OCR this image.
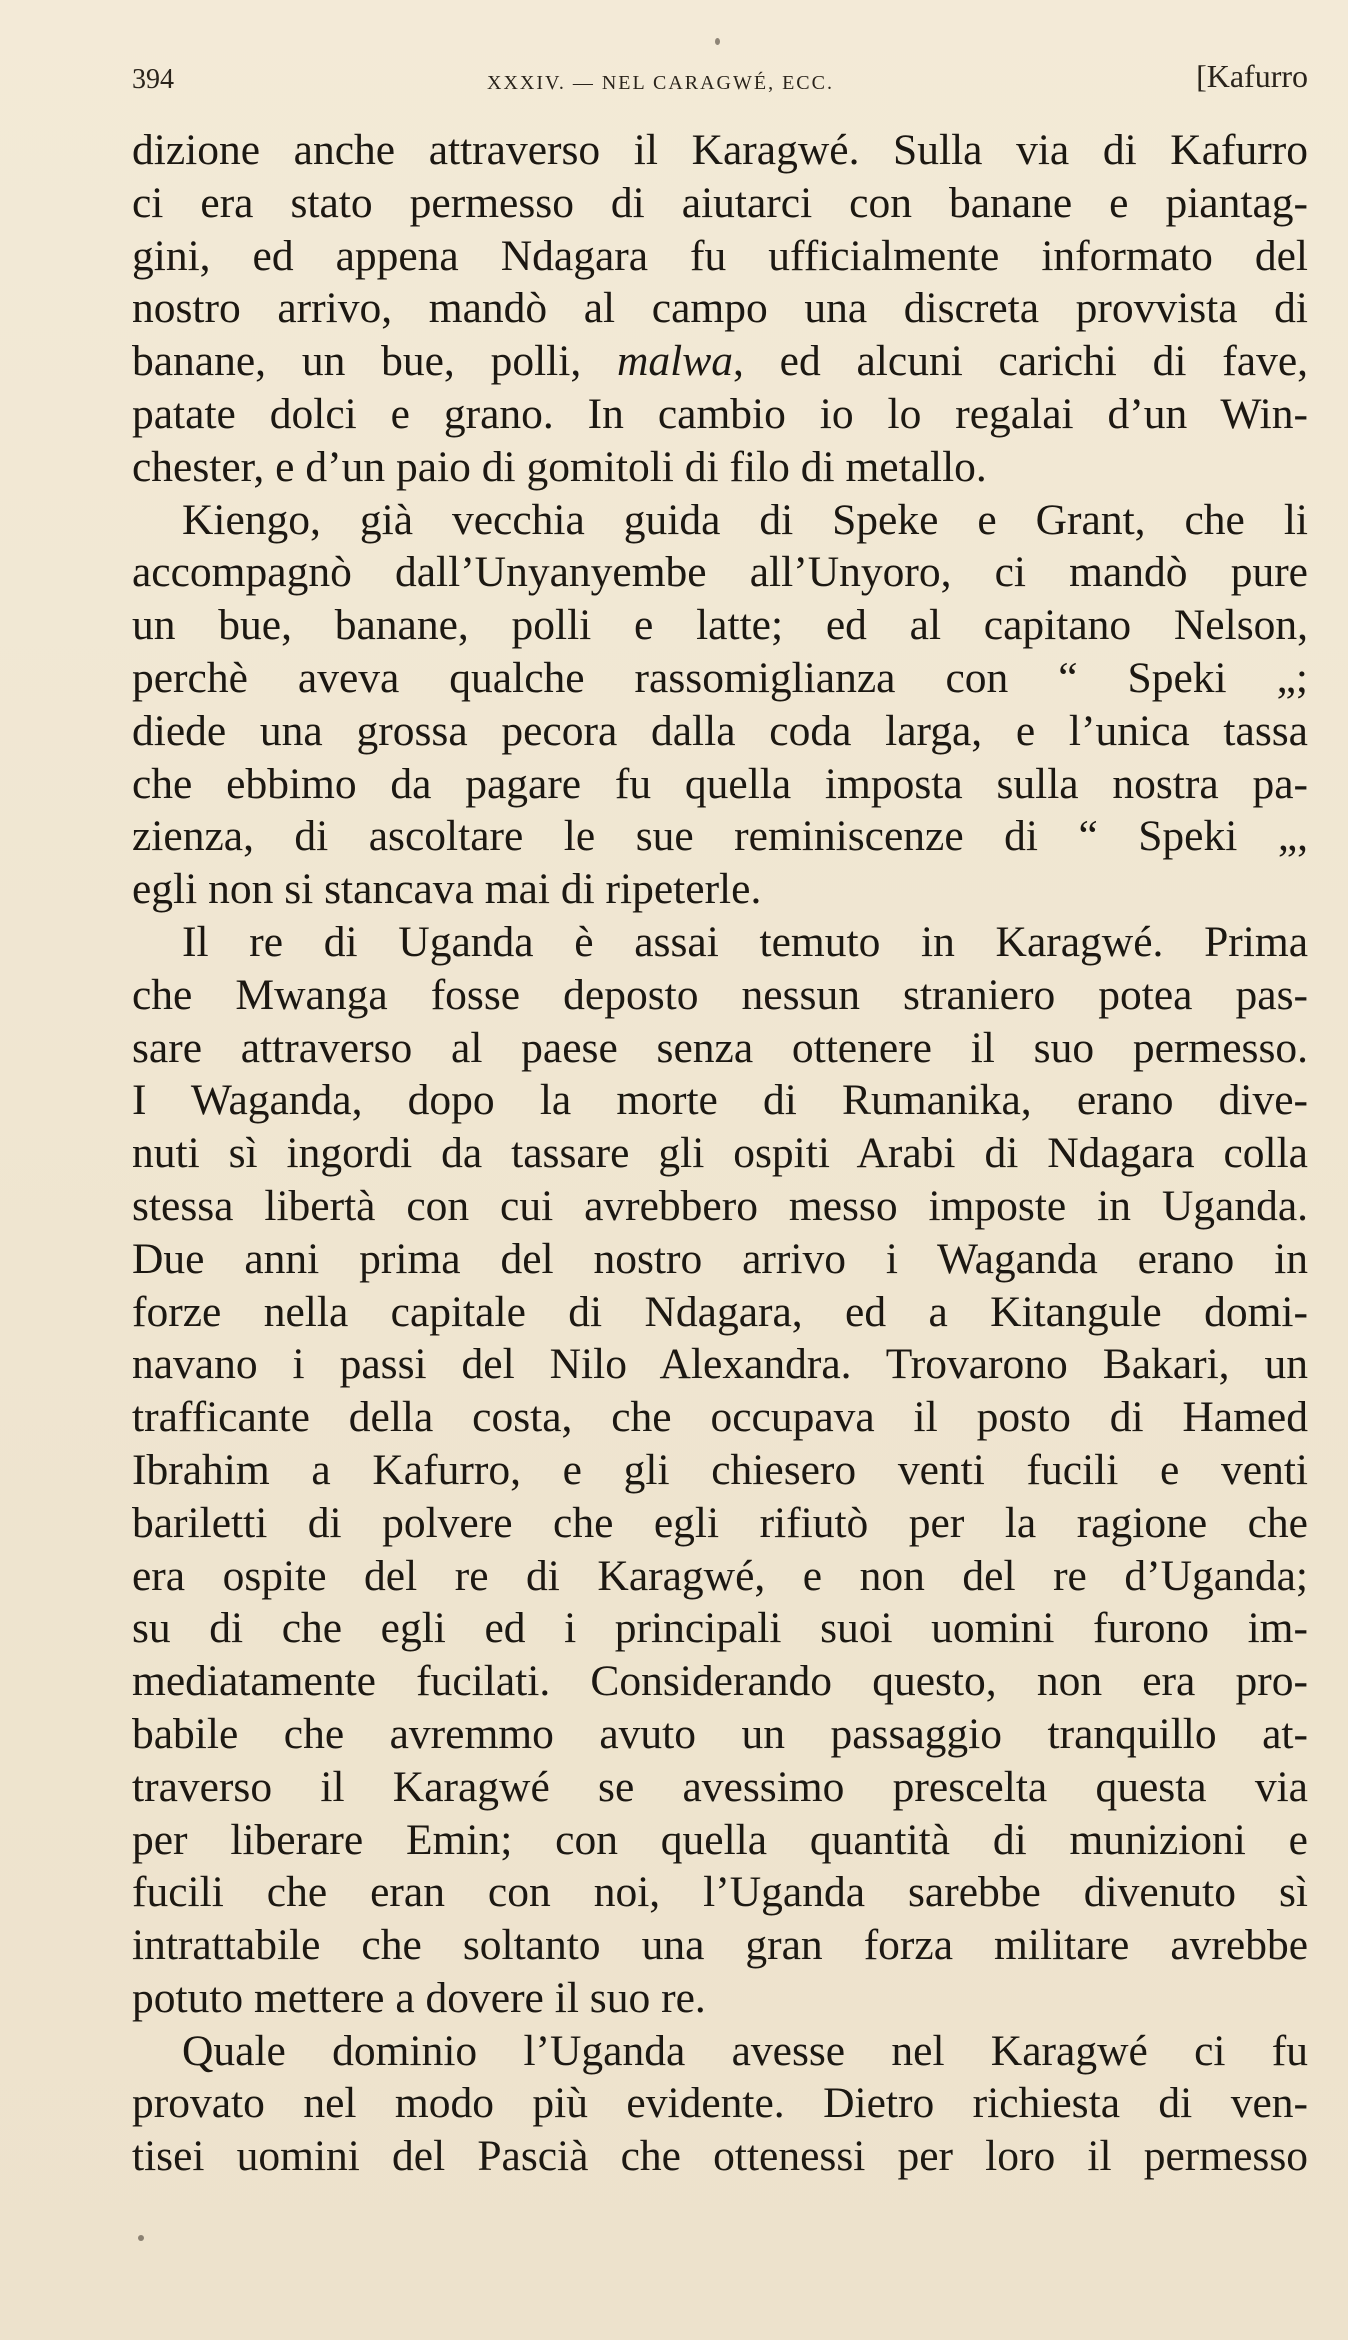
394	XXXIV. — NEL CARAGWÉ, ECC.	[Kafurro
dizione anche attraverso il Karagwé. Sulla via di Kafurro
ci era stato permesso di aiutarci con banane e piantag-
gini, ed appena Ndagara fu ufficialmente informato del
nostro arrivo, mandò al campo una discreta provvista di
banane, un bue, polli, malwa, ed alcuni carichi di fave,
patate dolci e grano. In cambio io lo regalai d’un Win-
chester, e d’un paio di gomitoli di filo di metallo.
Kiengo, già vecchia guida di Speke e Grant, che li
accompagnò dall’Unyanyembe all’Unyoro, ci mandò pure
un bue, banane, polli e latte; ed al capitano Nelson,
perchè aveva qualche rassomiglianza con “ Speki „;
diede una grossa pecora dalla coda larga, e l’unica tassa
che ebbimo da pagare fu quella imposta sulla nostra pa-
zienza, di ascoltare le sue reminiscenze di “ Speki „,
egli non si stancava mai di ripeterle.
Il re di Uganda è assai temuto in Karagwé. Prima
che Mwanga fosse deposto nessun straniero potea pas-
sare attraverso al paese senza ottenere il suo permesso.
I Waganda, dopo la morte di Rumanika, erano dive-
nuti sì ingordi da tassare gli ospiti Arabi di Ndagara colla
stessa libertà con cui avrebbero messo imposte in Uganda.
Due anni prima del nostro arrivo i Waganda erano in
forze nella capitale di Ndagara, ed a Kitangule domi-
navano i passi del Nilo Alexandra. Trovarono Bakari, un
trafficante della costa, che occupava il posto di Hamed
Ibrahim a Kafurro, e gli chiesero venti fucili e venti
bariletti di polvere che egli rifiutò per la ragione che
era ospite del re di Karagwé, e non del re d’Uganda;
su di che egli ed i principali suoi uomini furono im-
mediatamente fucilati. Considerando questo, non era pro-
babile che avremmo avuto un passaggio tranquillo at-
traverso il Karagwé se avessimo prescelta questa via
per liberare Emin; con quella quantità di munizioni e
fucili che eran con noi, l’Uganda sarebbe divenuto sì
intrattabile che soltanto una gran forza militare avrebbe
potuto mettere a dovere il suo re.
Quale dominio l’Uganda avesse nel Karagwé ci fu
provato nel modo più evidente. Dietro richiesta di ven-
tisei uomini del Pascià che ottenessi per loro il permesso
